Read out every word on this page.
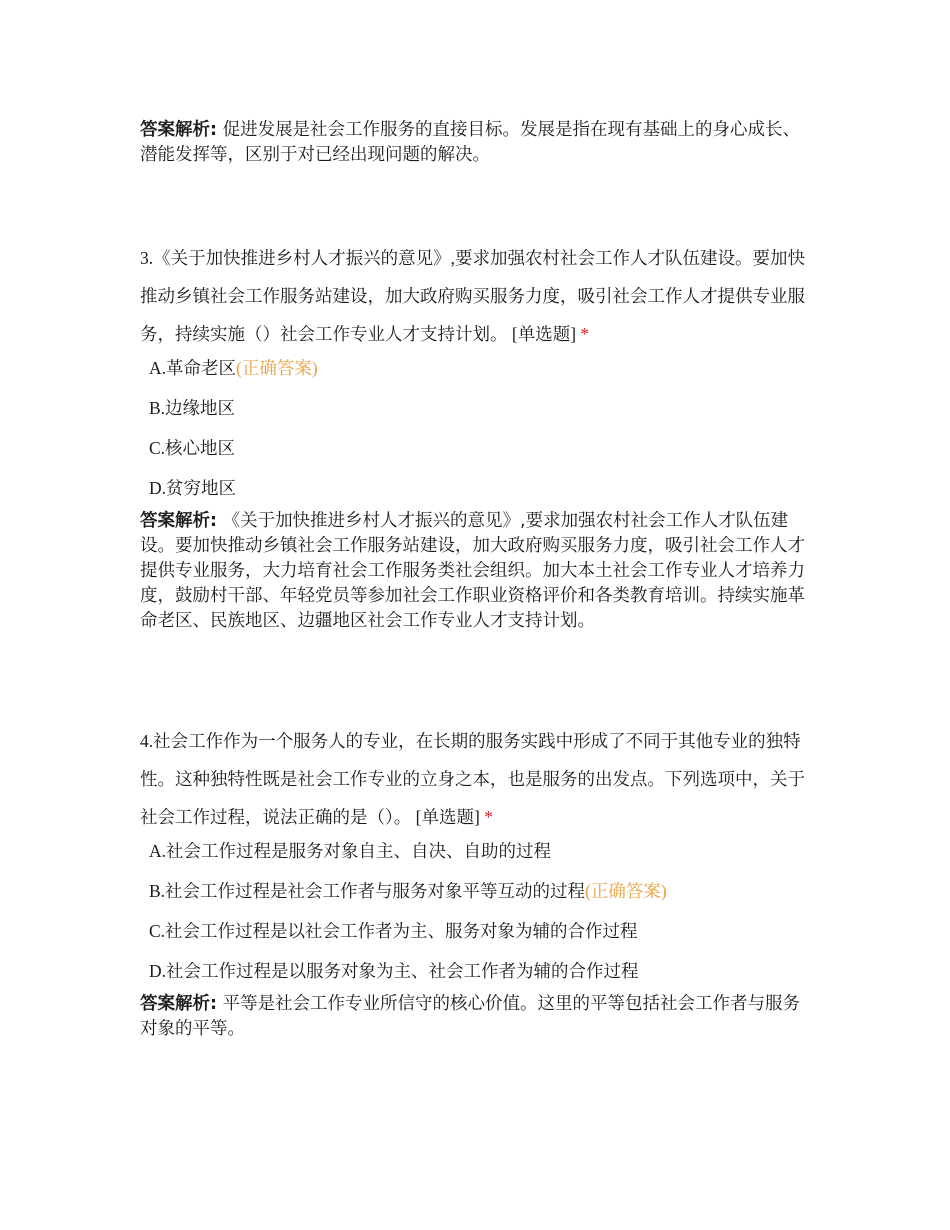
答案解析: 促进发展是社会工作服务的直接目标。发展是指在现有基础上的身心成长、潜能发挥等，区别于对已经出现问题的解决。

3.《关于加快推进乡村人才振兴的意见》,要求加强农村社会工作人才队伍建设。要加快推动乡镇社会工作服务站建设，加大政府购买服务力度，吸引社会工作人才提供专业服务，持续实施（）社会工作专业人才支持计划。 [单选题] *

A.革命老区(正确答案)
B.边缘地区
C.核心地区
D.贫穷地区

答案解析: 《关于加快推进乡村人才振兴的意见》,要求加强农村社会工作人才队伍建设。要加快推动乡镇社会工作服务站建设，加大政府购买服务力度，吸引社会工作人才提供专业服务，大力培育社会工作服务类社会组织。加大本土社会工作专业人才培养力度，鼓励村干部、年轻党员等参加社会工作职业资格评价和各类教育培训。持续实施革命老区、民族地区、边疆地区社会工作专业人才支持计划。

4.社会工作作为一个服务人的专业，在长期的服务实践中形成了不同于其他专业的独特性。这种独特性既是社会工作专业的立身之本，也是服务的出发点。下列选项中，关于社会工作过程，说法正确的是（）。 [单选题] *

A.社会工作过程是服务对象自主、自决、自助的过程
B.社会工作过程是社会工作者与服务对象平等互动的过程(正确答案)
C.社会工作过程是以社会工作者为主、服务对象为辅的合作过程
D.社会工作过程是以服务对象为主、社会工作者为辅的合作过程

答案解析: 平等是社会工作专业所信守的核心价值。这里的平等包括社会工作者与服务对象的平等。
